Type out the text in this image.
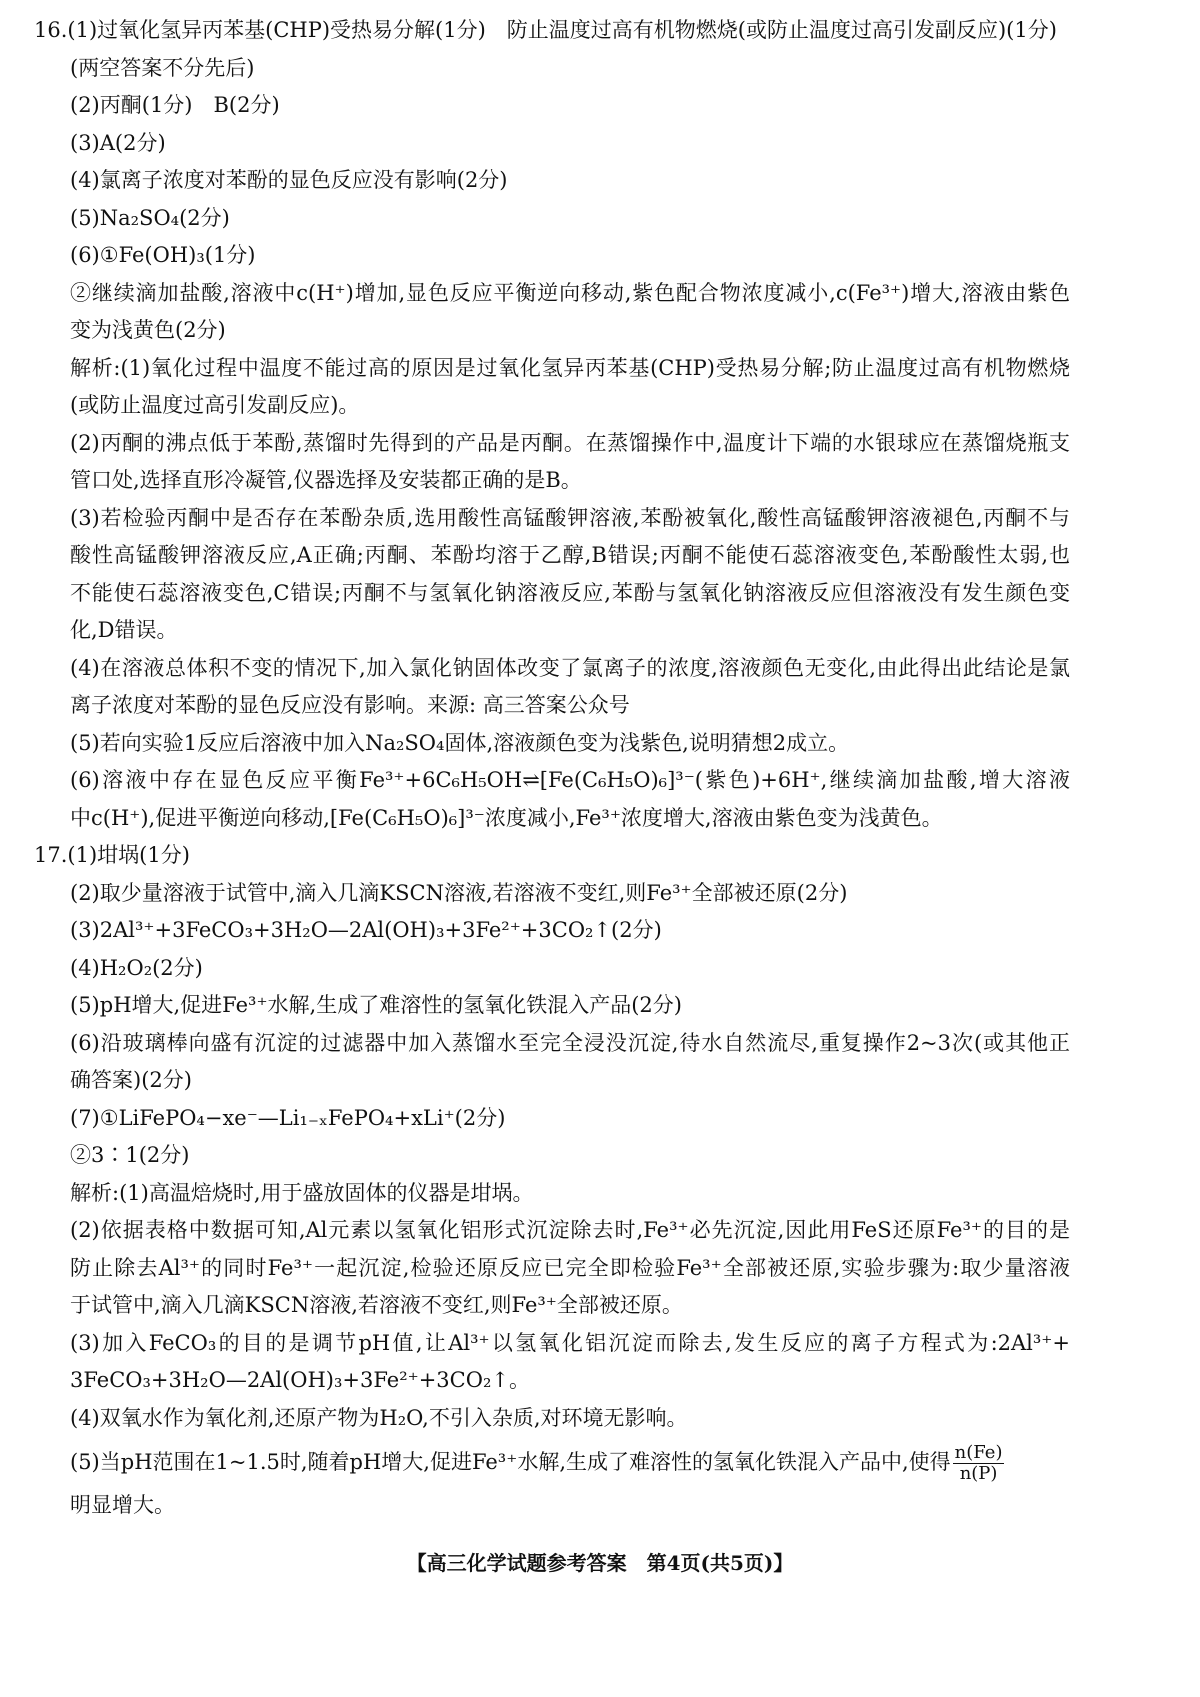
16.(1)过氧化氢异丙苯基(CHP)受热易分解(1分)　防止温度过高有机物燃烧(或防止温度过高引发副反应)(1分)
(两空答案不分先后)
(2)丙酮(1分)　B(2分)
(3)A(2分)
(4)氯离子浓度对苯酚的显色反应没有影响(2分)
(5)Na₂SO₄(2分)
(6)①Fe(OH)₃(1分)
②继续滴加盐酸,溶液中c(H⁺)增加,显色反应平衡逆向移动,紫色配合物浓度减小,c(Fe³⁺)增大,溶液由紫色
变为浅黄色(2分)
解析:(1)氧化过程中温度不能过高的原因是过氧化氢异丙苯基(CHP)受热易分解;防止温度过高有机物燃烧
(或防止温度过高引发副反应)。
(2)丙酮的沸点低于苯酚,蒸馏时先得到的产品是丙酮。在蒸馏操作中,温度计下端的水银球应在蒸馏烧瓶支
管口处,选择直形冷凝管,仪器选择及安装都正确的是B。
(3)若检验丙酮中是否存在苯酚杂质,选用酸性高锰酸钾溶液,苯酚被氧化,酸性高锰酸钾溶液褪色,丙酮不与
酸性高锰酸钾溶液反应,A正确;丙酮、苯酚均溶于乙醇,B错误;丙酮不能使石蕊溶液变色,苯酚酸性太弱,也
不能使石蕊溶液变色,C错误;丙酮不与氢氧化钠溶液反应,苯酚与氢氧化钠溶液反应但溶液没有发生颜色变
化,D错误。
(4)在溶液总体积不变的情况下,加入氯化钠固体改变了氯离子的浓度,溶液颜色无变化,由此得出此结论是氯
离子浓度对苯酚的显色反应没有影响。来源: 高三答案公众号
(5)若向实验1反应后溶液中加入Na₂SO₄固体,溶液颜色变为浅紫色,说明猜想2成立。
(6)溶液中存在显色反应平衡Fe³⁺+6C₆H₅OH⇌[Fe(C₆H₅O)₆]³⁻(紫色)+6H⁺,继续滴加盐酸,增大溶液
中c(H⁺),促进平衡逆向移动,[Fe(C₆H₅O)₆]³⁻浓度减小,Fe³⁺浓度增大,溶液由紫色变为浅黄色。
17.(1)坩埚(1分)
(2)取少量溶液于试管中,滴入几滴KSCN溶液,若溶液不变红,则Fe³⁺全部被还原(2分)
(3)2Al³⁺+3FeCO₃+3H₂O—2Al(OH)₃+3Fe²⁺+3CO₂↑(2分)
(4)H₂O₂(2分)
(5)pH增大,促进Fe³⁺水解,生成了难溶性的氢氧化铁混入产品(2分)
(6)沿玻璃棒向盛有沉淀的过滤器中加入蒸馏水至完全浸没沉淀,待水自然流尽,重复操作2~3次(或其他正
确答案)(2分)
(7)①LiFePO₄−xe⁻—Li₁₋ₓFePO₄+xLi⁺(2分)
②3∶1(2分)
解析:(1)高温焙烧时,用于盛放固体的仪器是坩埚。
(2)依据表格中数据可知,Al元素以氢氧化铝形式沉淀除去时,Fe³⁺必先沉淀,因此用FeS还原Fe³⁺的目的是
防止除去Al³⁺的同时Fe³⁺一起沉淀,检验还原反应已完全即检验Fe³⁺全部被还原,实验步骤为:取少量溶液
于试管中,滴入几滴KSCN溶液,若溶液不变红,则Fe³⁺全部被还原。
(3)加入FeCO₃的目的是调节pH值,让Al³⁺以氢氧化铝沉淀而除去,发生反应的离子方程式为:2Al³⁺+
3FeCO₃+3H₂O—2Al(OH)₃+3Fe²⁺+3CO₂↑。
(4)双氧水作为氧化剂,还原产物为H₂O,不引入杂质,对环境无影响。
(5)当pH范围在1~1.5时,随着pH增大,促进Fe³⁺水解,生成了难溶性的氢氧化铁混入产品中,使得 $\frac{n(Fe)}{n(P)}$
明显增大。
【高三化学试题参考答案　第4页(共5页)】
